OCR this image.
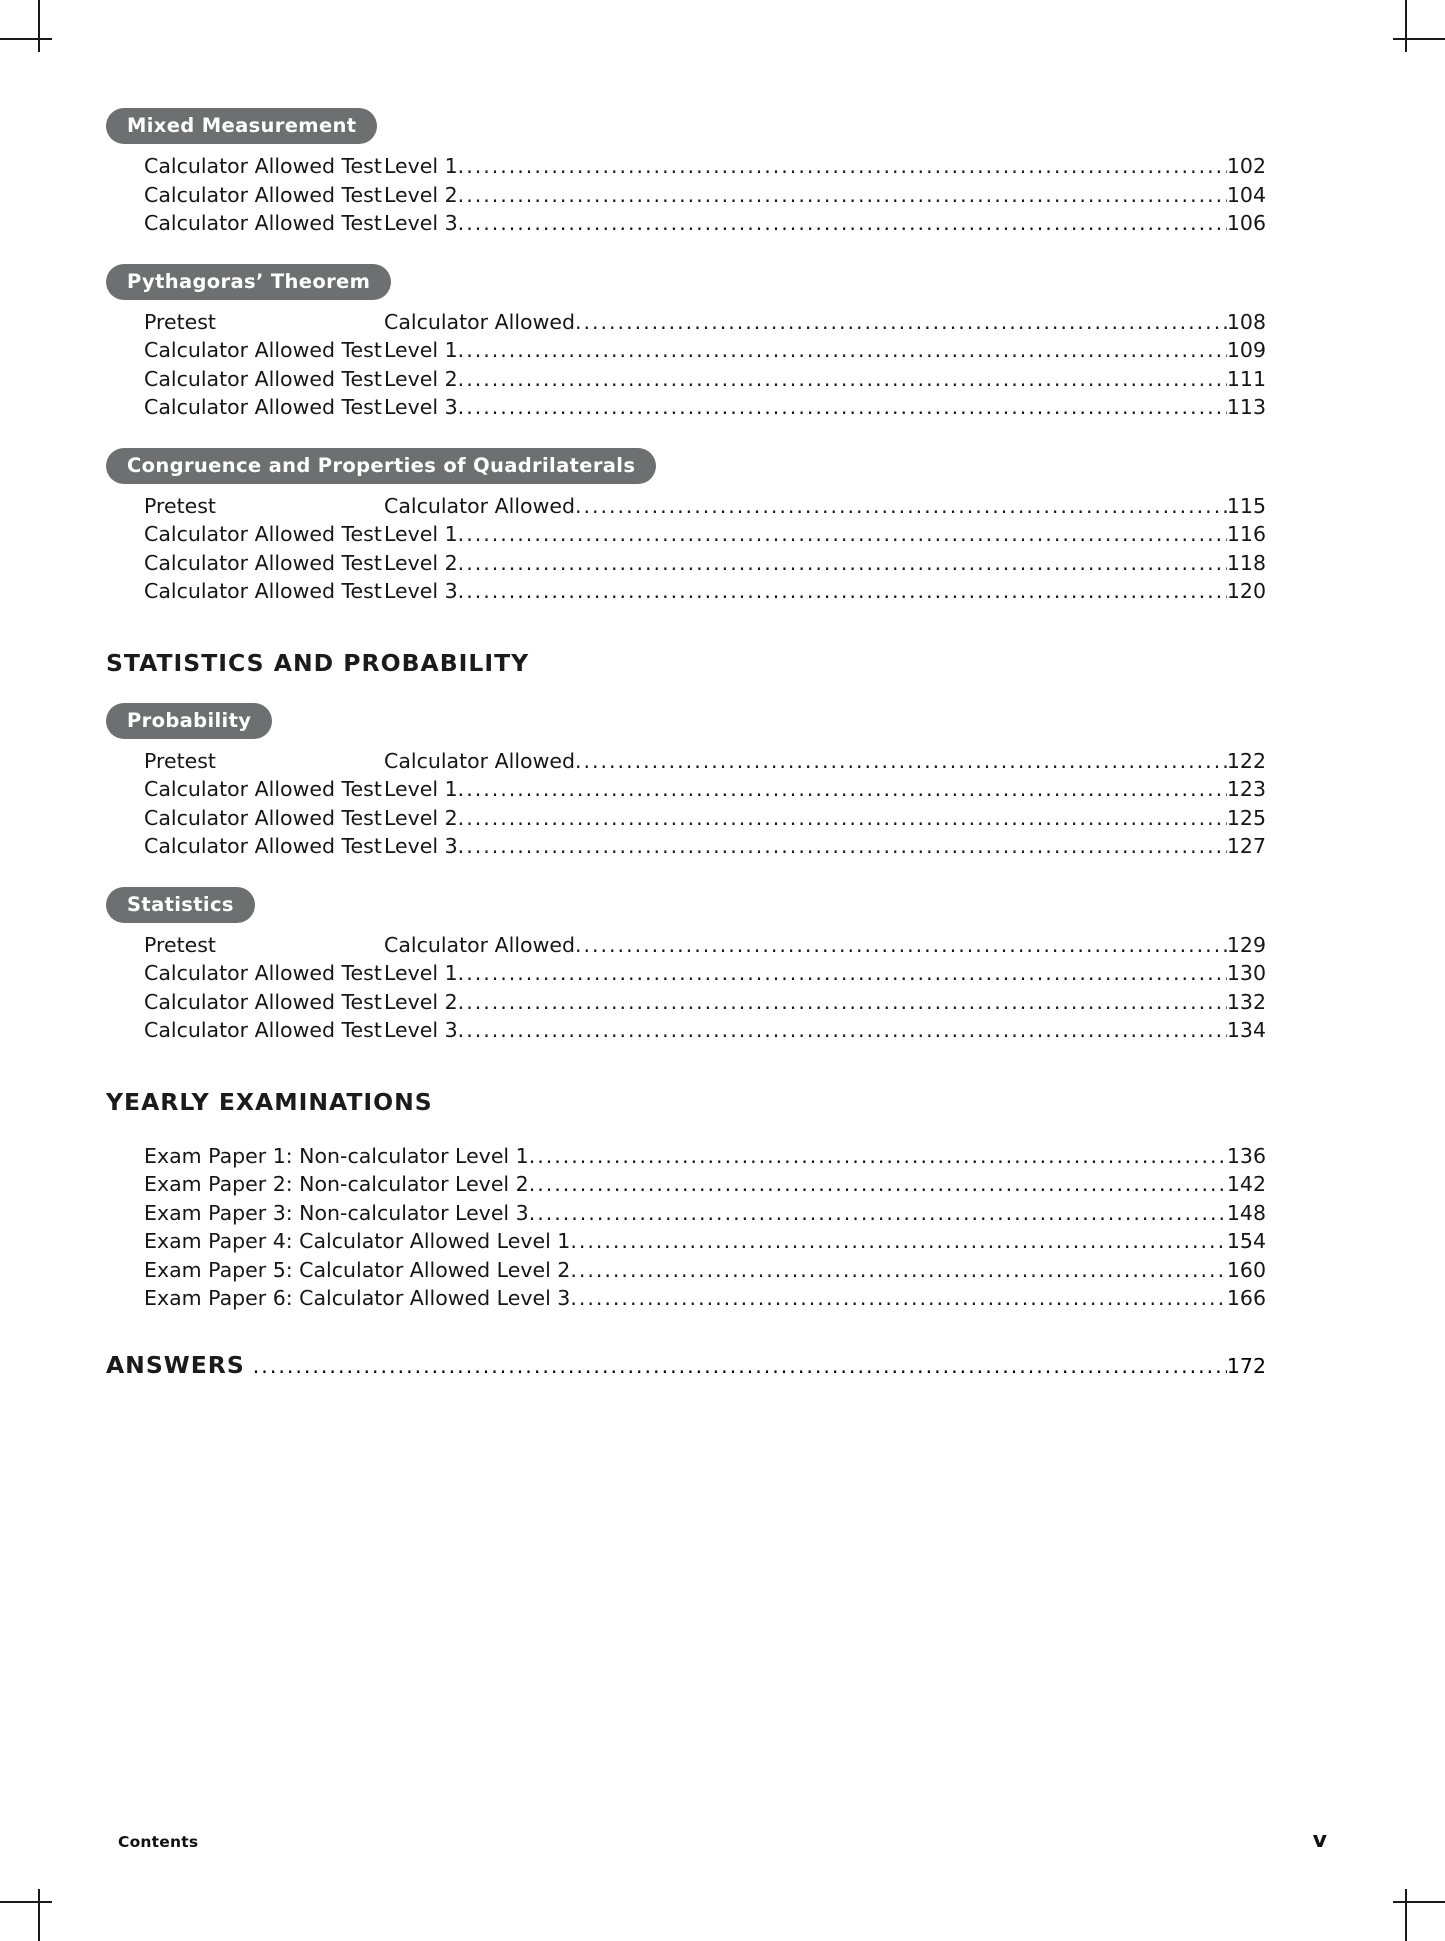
Mixed Measurement
Calculator Allowed Test Level 1 .....	102
Calculator Allowed Test Level 2 .....	104
Calculator Allowed Test Level 3 .....	106
Pythagoras’ Theorem
Pretest	Calculator Allowed .....	108
Calculator Allowed Test Level 1 .....	109
Calculator Allowed Test Level 2 .....	111
Calculator Allowed Test Level 3 .....	113
Congruence and Properties of Quadrilaterals
Pretest	Calculator Allowed .....	115
Calculator Allowed Test Level 1 .....	116
Calculator Allowed Test Level 2 .....	118
Calculator Allowed Test Level 3 .....	120
STATISTICS AND PROBABILITY
Probability
Pretest	Calculator Allowed .....	122
Calculator Allowed Test Level 1 .....	123
Calculator Allowed Test Level 2 .....	125
Calculator Allowed Test Level 3 .....	127
Statistics
Pretest	Calculator Allowed .....	129
Calculator Allowed Test Level 1 .....	130
Calculator Allowed Test Level 2 .....	132
Calculator Allowed Test Level 3 .....	134
YEARLY EXAMINATIONS
Exam Paper 1: Non-calculator Level 1 .....	136
Exam Paper 2: Non-calculator Level 2 .....	142
Exam Paper 3: Non-calculator Level 3 .....	148
Exam Paper 4: Calculator Allowed Level 1 .....	154
Exam Paper 5: Calculator Allowed Level 2 .....	160
Exam Paper 6: Calculator Allowed Level 3 .....	166
ANSWERS .....	172
Contents	v
